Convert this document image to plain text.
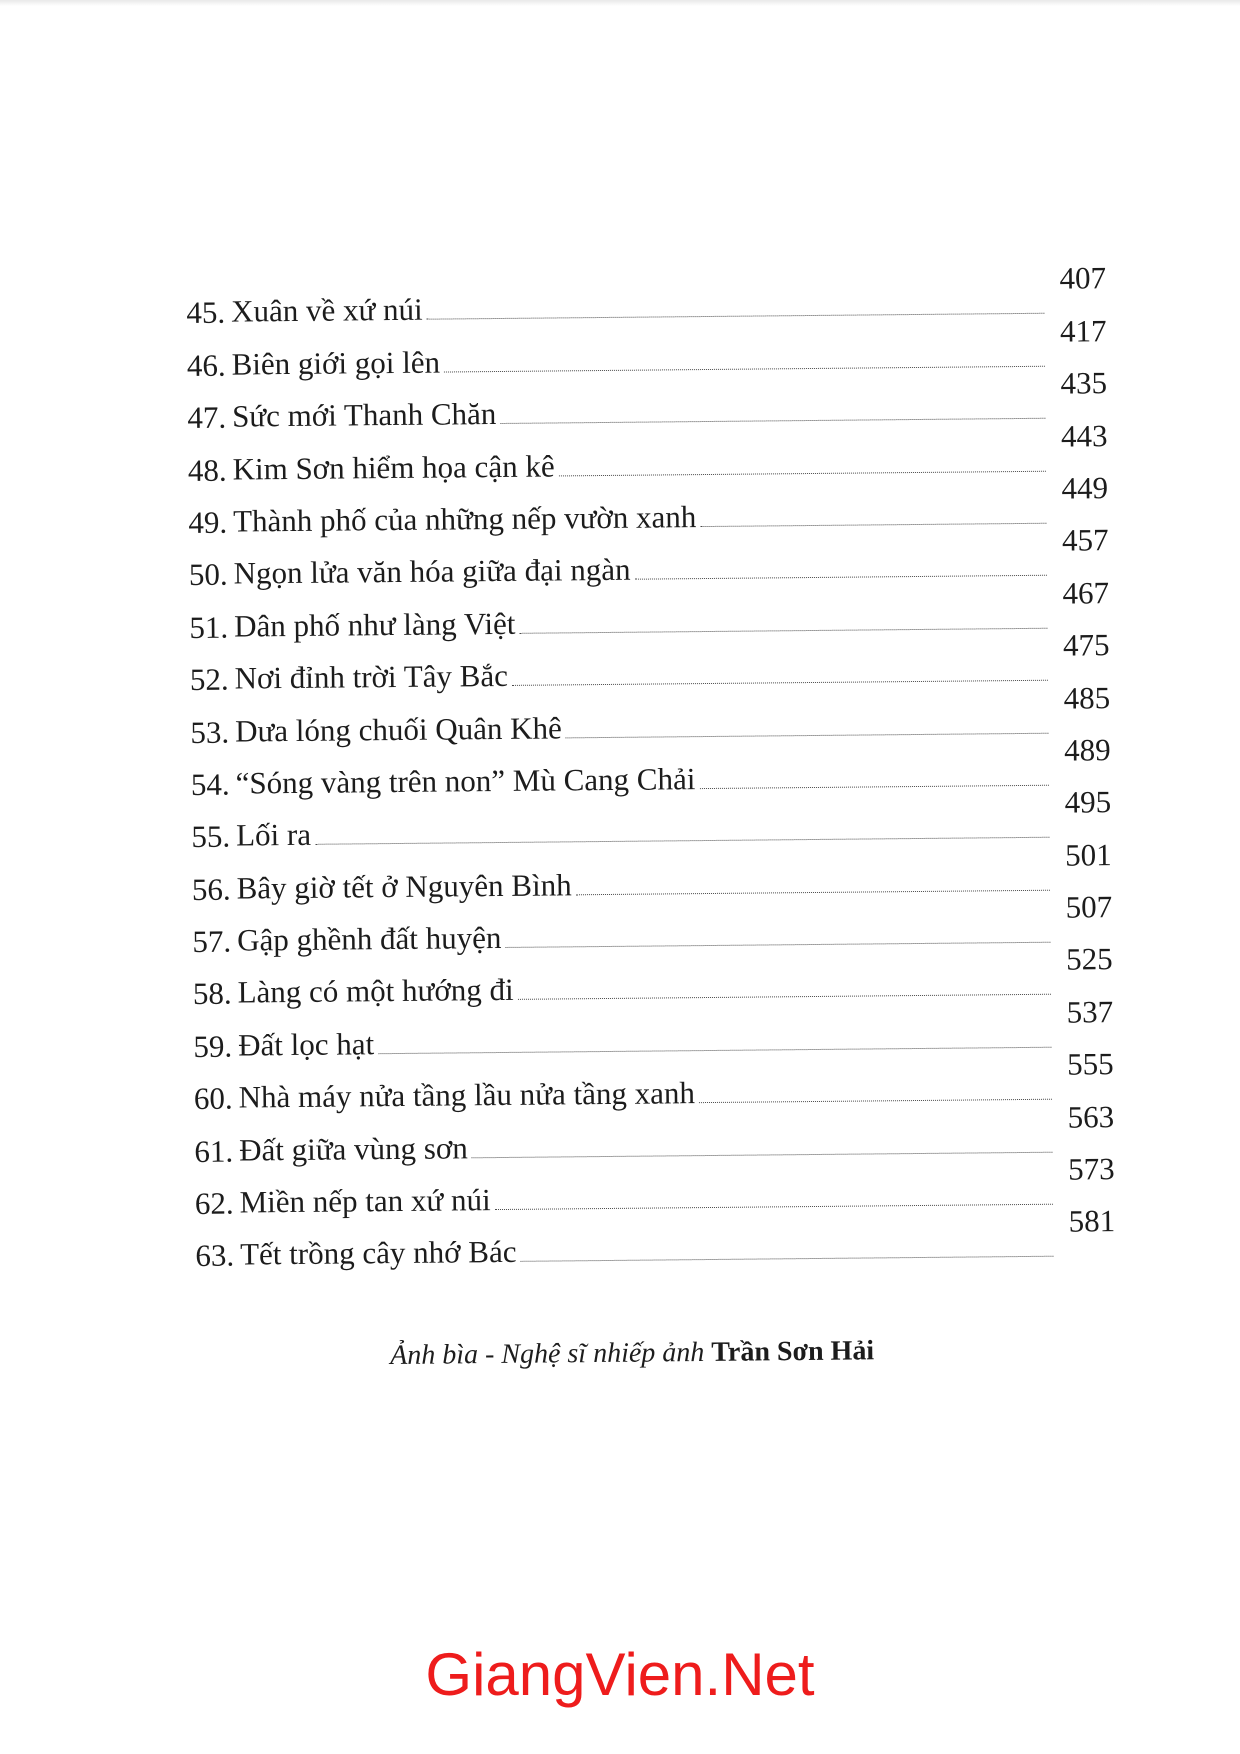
45. Xuân về xứ núi
407
46. Biên giới gọi lên
417
47. Sức mới Thanh Chăn
435
48. Kim Sơn hiểm họa cận kê
443
49. Thành phố của những nếp vườn xanh
449
50. Ngọn lửa văn hóa giữa đại ngàn
457
51. Dân phố như làng Việt
467
52. Nơi đỉnh trời Tây Bắc
475
53. Dưa lóng chuối Quân Khê
485
54. “Sóng vàng trên non” Mù Cang Chải
489
55. Lối ra
495
56. Bây giờ tết ở Nguyên Bình
501
57. Gập ghềnh đất huyện
507
58. Làng có một hướng đi
525
59. Đất lọc hạt
537
60. Nhà máy nửa tầng lầu nửa tầng xanh
555
61. Đất giữa vùng sơn
563
62. Miền nếp tan xứ núi
573
63. Tết trồng cây nhớ Bác
581
Ảnh bìa - Nghệ sĩ nhiếp ảnh Trần Sơn Hải
GiangVien.Net
